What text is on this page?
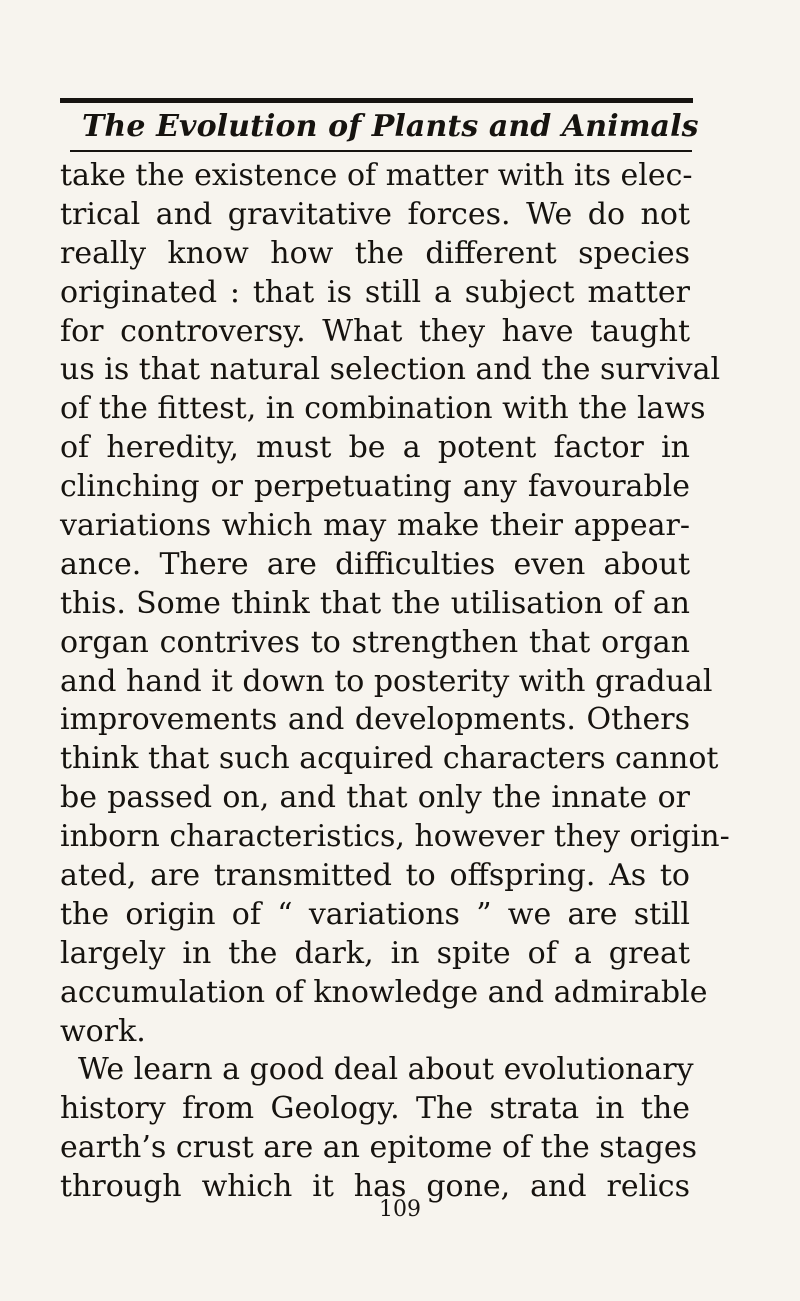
The Evolution of Plants and Animals
take the existence of matter with its elec-
trical and gravitative forces. We do not
really know how the different species
originated : that is still a subject matter
for controversy. What they have taught
us is that natural selection and the survival
of the fittest, in combination with the laws
of heredity, must be a potent factor in
clinching or perpetuating any favourable
variations which may make their appear-
ance. There are difficulties even about
this. Some think that the utilisation of an
organ contrives to strengthen that organ
and hand it down to posterity with gradual
improvements and developments. Others
think that such acquired characters cannot
be passed on, and that only the innate or
inborn characteristics, however they origin-
ated, are transmitted to offspring. As to
the origin of “ variations ” we are still
largely in the dark, in spite of a great
accumulation of knowledge and admirable
work.
We learn a good deal about evolutionary
history from Geology. The strata in the
earth’s crust are an epitome of the stages
through which it has gone, and relics
109
